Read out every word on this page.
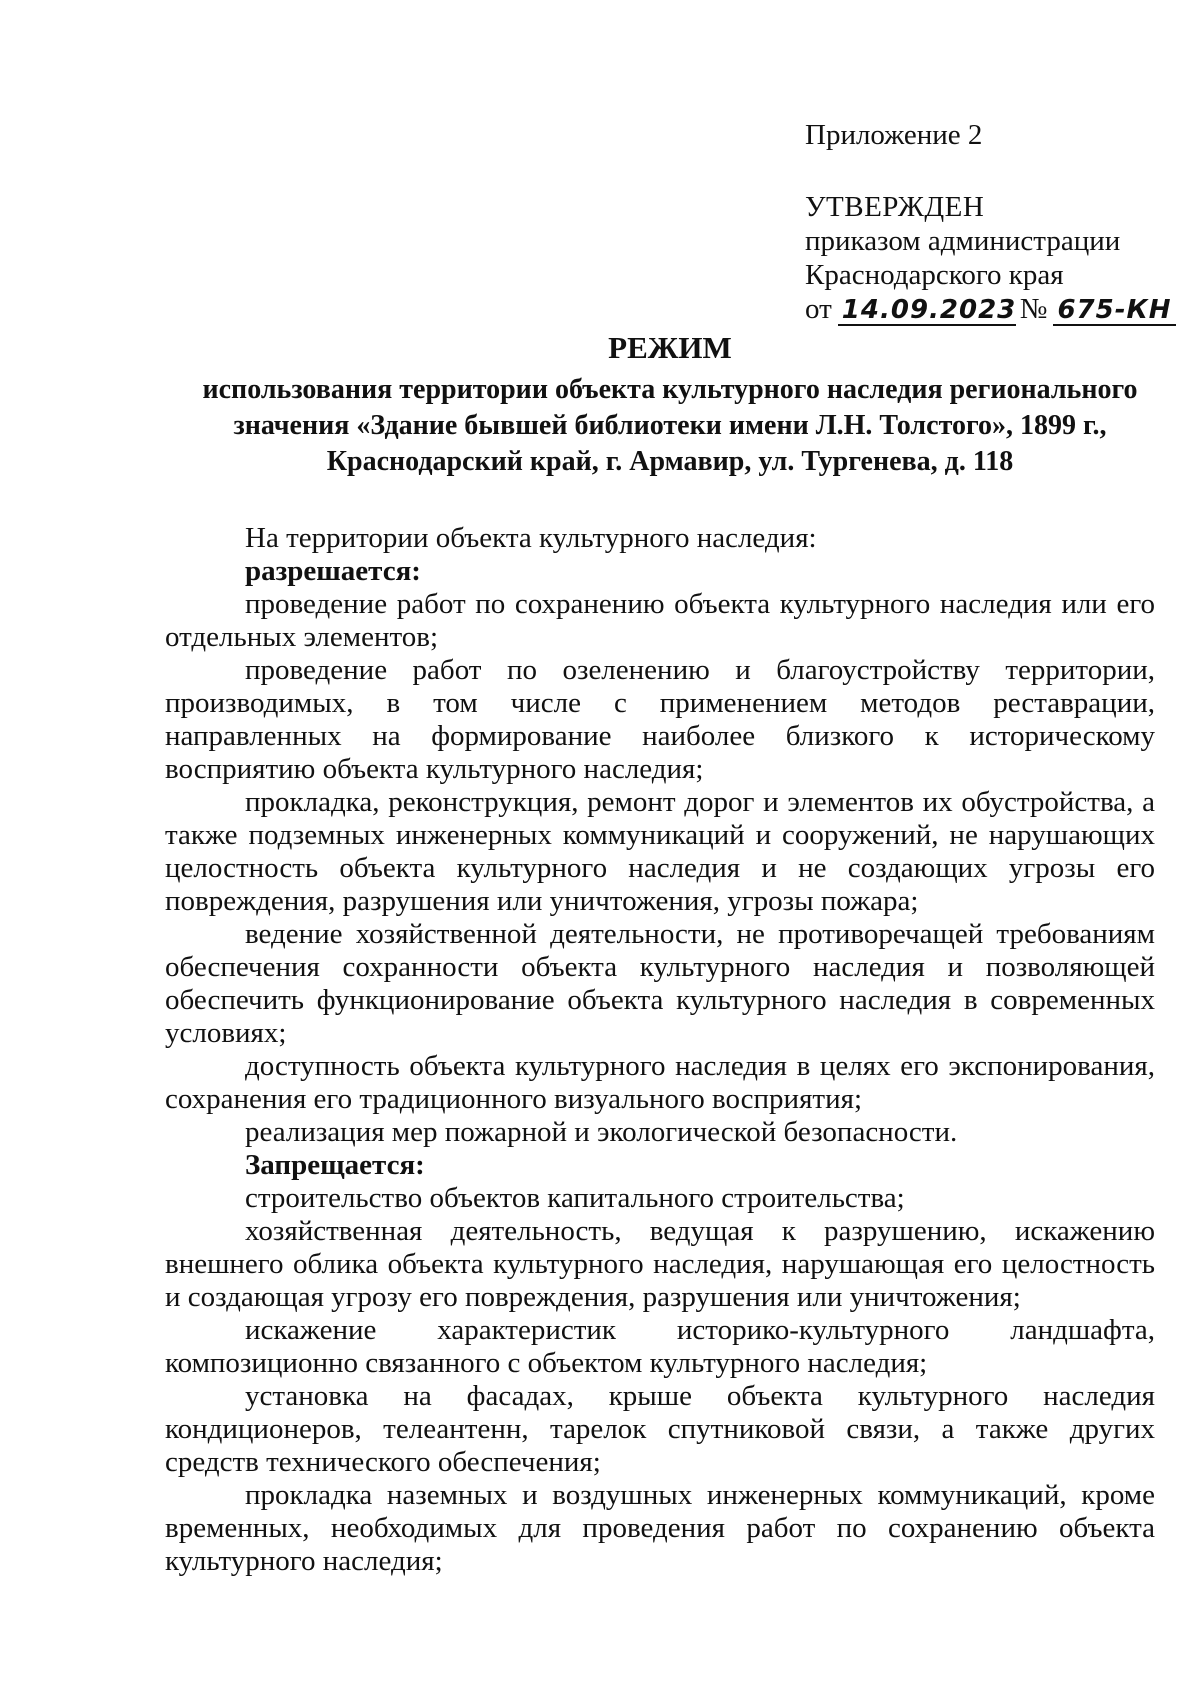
Приложение 2

УТВЕРЖДЕН

приказом администрации

Краснодарского края

от 14.09.2023 № 675-КН

РЕЖИМ

использования территории объекта культурного наследия регионального значения «Здание бывшей библиотеки имени Л.Н. Толстого», 1899 г., Краснодарский край, г. Армавир, ул. Тургенева, д. 118

На территории объекта культурного наследия:

разрешается:

проведение работ по сохранению объекта культурного наследия или его отдельных элементов;

проведение работ по озеленению и благоустройству территории, производимых, в том числе с применением методов реставрации, направленных на формирование наиболее близкого к историческому восприятию объекта культурного наследия;

прокладка, реконструкция, ремонт дорог и элементов их обустройства, а также подземных инженерных коммуникаций и сооружений, не нарушающих целостность объекта культурного наследия и не создающих угрозы его повреждения, разрушения или уничтожения, угрозы пожара;

ведение хозяйственной деятельности, не противоречащей требованиям обеспечения сохранности объекта культурного наследия и позволяющей обеспечить функционирование объекта культурного наследия в современных условиях;

доступность объекта культурного наследия в целях его экспонирования, сохранения его традиционного визуального восприятия;

реализация мер пожарной и экологической безопасности.

Запрещается:

строительство объектов капитального строительства;

хозяйственная деятельность, ведущая к разрушению, искажению внешнего облика объекта культурного наследия, нарушающая его целостность и создающая угрозу его повреждения, разрушения или уничтожения;

искажение характеристик историко-культурного ландшафта, композиционно связанного с объектом культурного наследия;

установка на фасадах, крыше объекта культурного наследия кондиционеров, телеантенн, тарелок спутниковой связи, а также других средств технического обеспечения;

прокладка наземных и воздушных инженерных коммуникаций, кроме временных, необходимых для проведения работ по сохранению объекта культурного наследия;
